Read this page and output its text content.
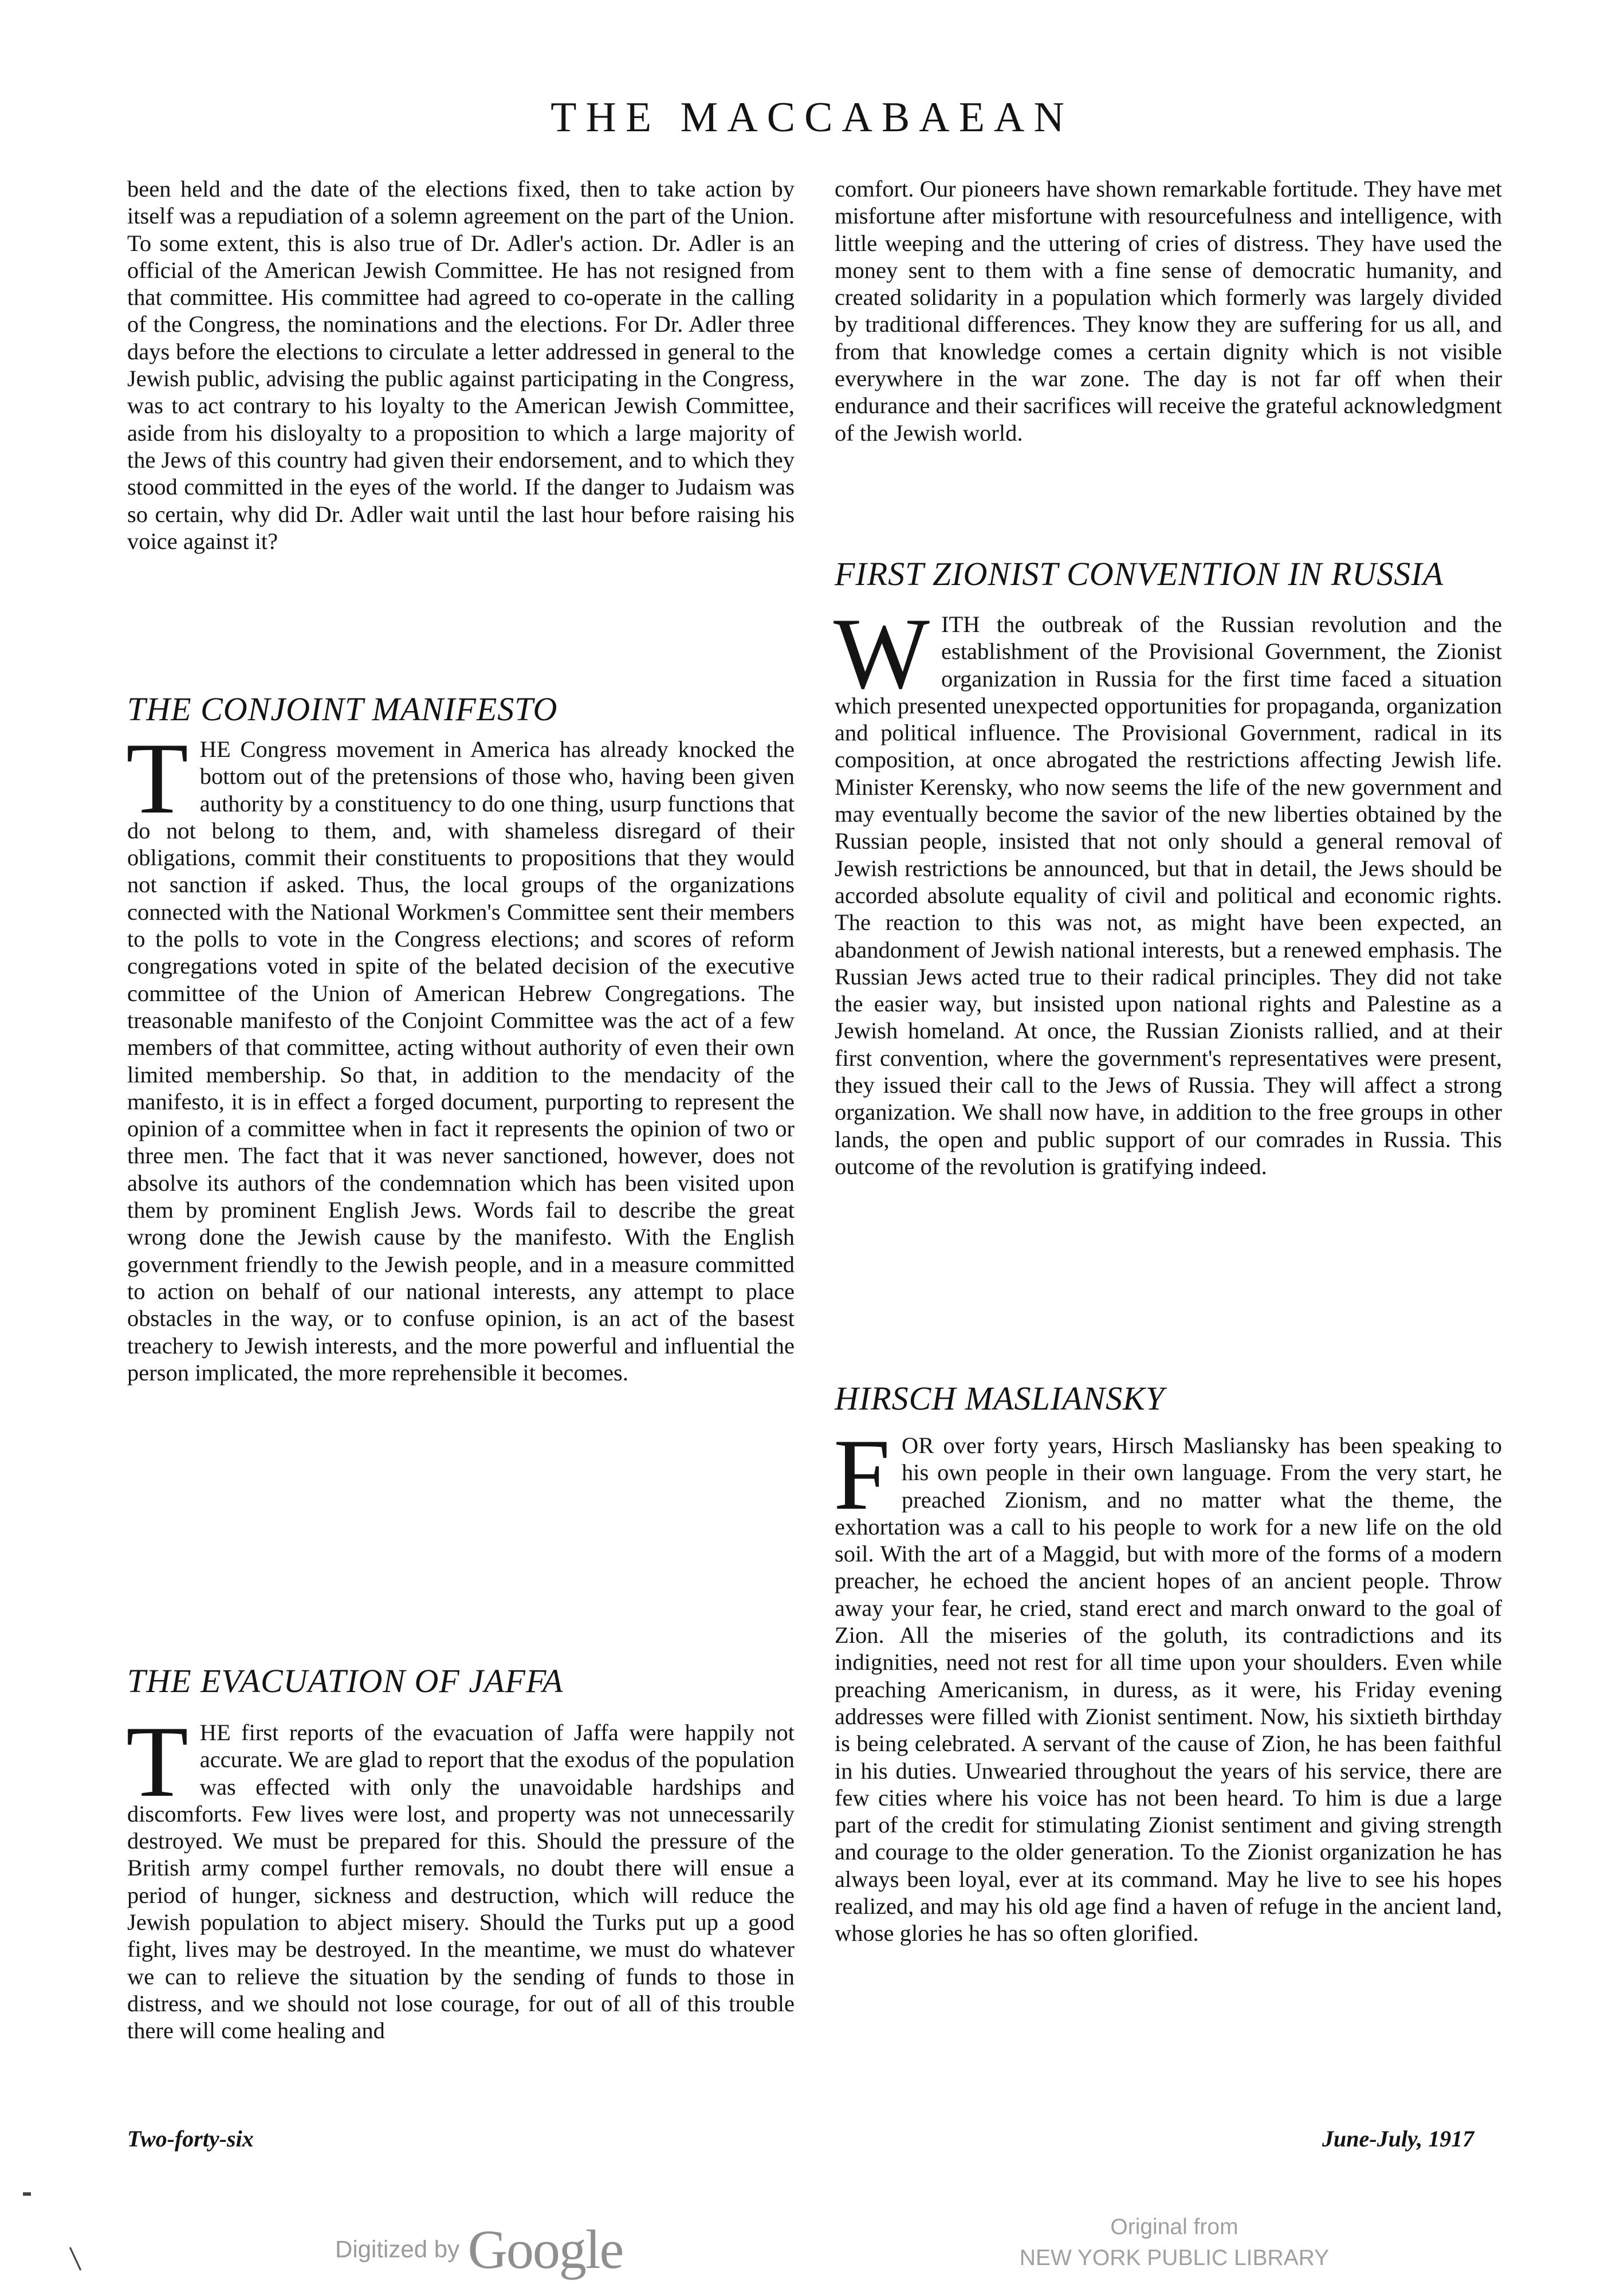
THE MACCABAEAN

been held and the date of the elections fixed, then to take action by itself was a repudiation of a solemn agreement on the part of the Union. To some extent, this is also true of Dr. Adler's action. Dr. Adler is an official of the American Jewish Committee. He has not resigned from that committee. His committee had agreed to co-operate in the calling of the Congress, the nominations and the elections. For Dr. Adler three days before the elections to circulate a letter addressed in general to the Jewish public, advising the public against participating in the Congress, was to act contrary to his loyalty to the American Jewish Committee, aside from his disloyalty to a proposition to which a large majority of the Jews of this country had given their endorsement, and to which they stood committed in the eyes of the world. If the danger to Judaism was so certain, why did Dr. Adler wait until the last hour before raising his voice against it?

THE CONJOINT MANIFESTO

THE Congress movement in America has already knocked the bottom out of the pretensions of those who, having been given authority by a constituency to do one thing, usurp functions that do not belong to them, and, with shameless disregard of their obligations, commit their constituents to propositions that they would not sanction if asked. Thus, the local groups of the organizations connected with the National Workmen's Committee sent their members to the polls to vote in the Congress elections; and scores of reform congregations voted in spite of the belated decision of the executive committee of the Union of American Hebrew Congregations. The treasonable manifesto of the Conjoint Committee was the act of a few members of that committee, acting without authority of even their own limited membership. So that, in addition to the mendacity of the manifesto, it is in effect a forged document, purporting to represent the opinion of a committee when in fact it represents the opinion of two or three men. The fact that it was never sanctioned, however, does not absolve its authors of the condemnation which has been visited upon them by prominent English Jews. Words fail to describe the great wrong done the Jewish cause by the manifesto. With the English government friendly to the Jewish people, and in a measure committed to action on behalf of our national interests, any attempt to place obstacles in the way, or to confuse opinion, is an act of the basest treachery to Jewish interests, and the more powerful and influential the person implicated, the more reprehensible it becomes.

THE EVACUATION OF JAFFA

THE first reports of the evacuation of Jaffa were happily not accurate. We are glad to report that the exodus of the population was effected with only the unavoidable hardships and discomforts. Few lives were lost, and property was not unnecessarily destroyed. We must be prepared for this. Should the pressure of the British army compel further removals, no doubt there will ensue a period of hunger, sickness and destruction, which will reduce the Jewish population to abject misery. Should the Turks put up a good fight, lives may be destroyed. In the meantime, we must do whatever we can to relieve the situation by the sending of funds to those in distress, and we should not lose courage, for out of all of this trouble there will come healing and

comfort. Our pioneers have shown remarkable fortitude. They have met misfortune after misfortune with resourcefulness and intelligence, with little weeping and the uttering of cries of distress. They have used the money sent to them with a fine sense of democratic humanity, and created solidarity in a population which formerly was largely divided by traditional differences. They know they are suffering for us all, and from that knowledge comes a certain dignity which is not visible everywhere in the war zone. The day is not far off when their endurance and their sacrifices will receive the grateful acknowledgment of the Jewish world.

FIRST ZIONIST CONVENTION IN RUSSIA

WITH the outbreak of the Russian revolution and the establishment of the Provisional Government, the Zionist organization in Russia for the first time faced a situation which presented unexpected opportunities for propaganda, organization and political influence. The Provisional Government, radical in its composition, at once abrogated the restrictions affecting Jewish life. Minister Kerensky, who now seems the life of the new government and may eventually become the savior of the new liberties obtained by the Russian people, insisted that not only should a general removal of Jewish restrictions be announced, but that in detail, the Jews should be accorded absolute equality of civil and political and economic rights. The reaction to this was not, as might have been expected, an abandonment of Jewish national interests, but a renewed emphasis. The Russian Jews acted true to their radical principles. They did not take the easier way, but insisted upon national rights and Palestine as a Jewish homeland. At once, the Russian Zionists rallied, and at their first convention, where the government's representatives were present, they issued their call to the Jews of Russia. They will affect a strong organization. We shall now have, in addition to the free groups in other lands, the open and public support of our comrades in Russia. This outcome of the revolution is gratifying indeed.

HIRSCH MASLIANSKY

FOR over forty years, Hirsch Masliansky has been speaking to his own people in their own language. From the very start, he preached Zionism, and no matter what the theme, the exhortation was a call to his people to work for a new life on the old soil. With the art of a Maggid, but with more of the forms of a modern preacher, he echoed the ancient hopes of an ancient people. Throw away your fear, he cried, stand erect and march onward to the goal of Zion. All the miseries of the goluth, its contradictions and its indignities, need not rest for all time upon your shoulders. Even while preaching Americanism, in duress, as it were, his Friday evening addresses were filled with Zionist sentiment. Now, his sixtieth birthday is being celebrated. A servant of the cause of Zion, he has been faithful in his duties. Unwearied throughout the years of his service, there are few cities where his voice has not been heard. To him is due a large part of the credit for stimulating Zionist sentiment and giving strength and courage to the older generation. To the Zionist organization he has always been loyal, ever at its command. May he live to see his hopes realized, and may his old age find a haven of refuge in the ancient land, whose glories he has so often glorified.

Two-forty-six	June-July, 1917
Digitized by Google	Original from
NEW YORK PUBLIC LIBRARY
